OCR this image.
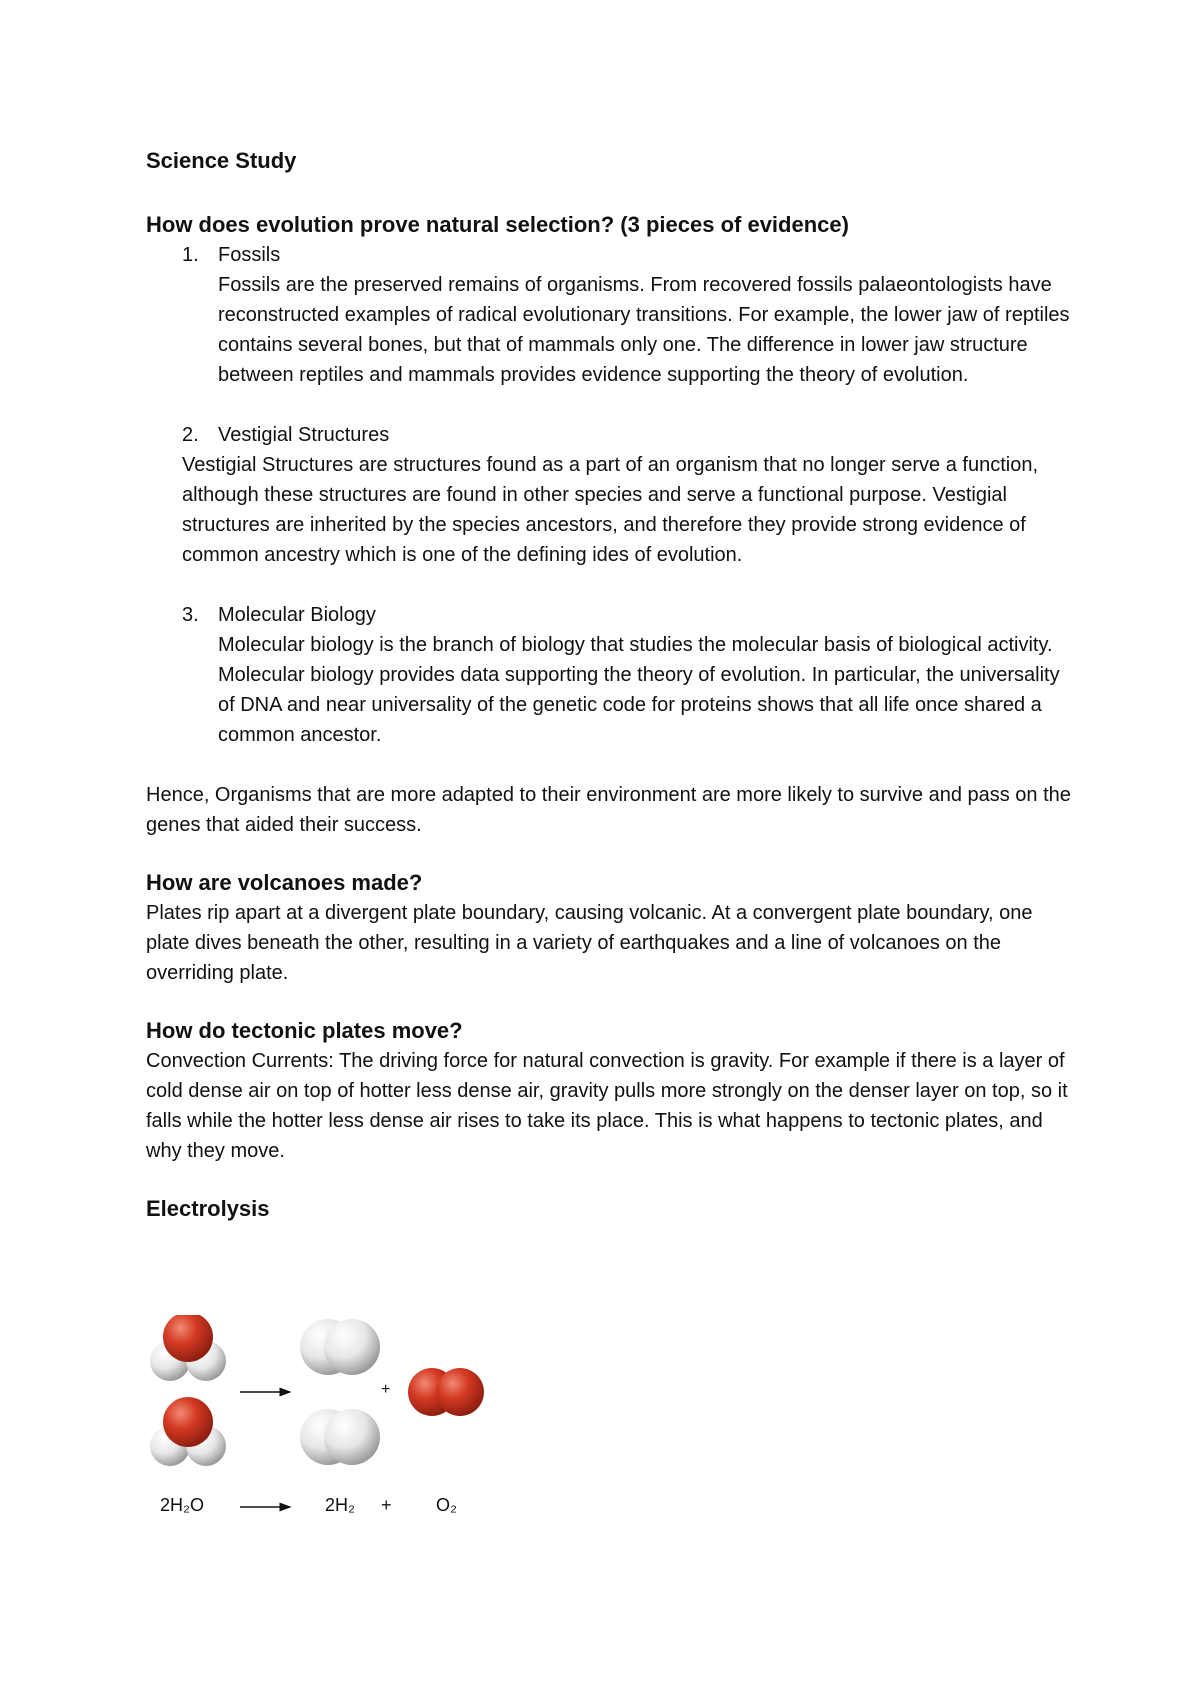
Science Study
How does evolution prove natural selection? (3 pieces of evidence)
1. Fossils

Fossils are the preserved remains of organisms. From recovered fossils palaeontologists have reconstructed examples of radical evolutionary transitions. For example, the lower jaw of reptiles contains several bones, but that of mammals only one. The difference in lower jaw structure between reptiles and mammals provides evidence supporting the theory of evolution.

2. Vestigial Structures

Vestigial Structures are structures found as a part of an organism that no longer serve a function, although these structures are found in other species and serve a functional purpose. Vestigial structures are inherited by the species ancestors, and therefore they provide strong evidence of common ancestry which is one of the defining ides of evolution.

3. Molecular Biology

Molecular biology is the branch of biology that studies the molecular basis of biological activity. Molecular biology provides data supporting the theory of evolution. In particular, the universality of DNA and near universality of the genetic code for proteins shows that all life once shared a common ancestor.

Hence, Organisms that are more adapted to their environment are more likely to survive and pass on the genes that aided their success.

How are volcanoes made?

Plates rip apart at a divergent plate boundary, causing volcanic. At a convergent plate boundary, one plate dives beneath the other, resulting in a variety of earthquakes and a line of volcanoes on the overriding plate.

How do tectonic plates move?

Convection Currents: The driving force for natural convection is gravity. For example if there is a layer of cold dense air on top of hotter less dense air, gravity pulls more strongly on the denser layer on top, so it falls while the hotter less dense air rises to take its place. This is what happens to tectonic plates, and why they move.

Electrolysis
+
2H₂O	2H₂ + O₂
